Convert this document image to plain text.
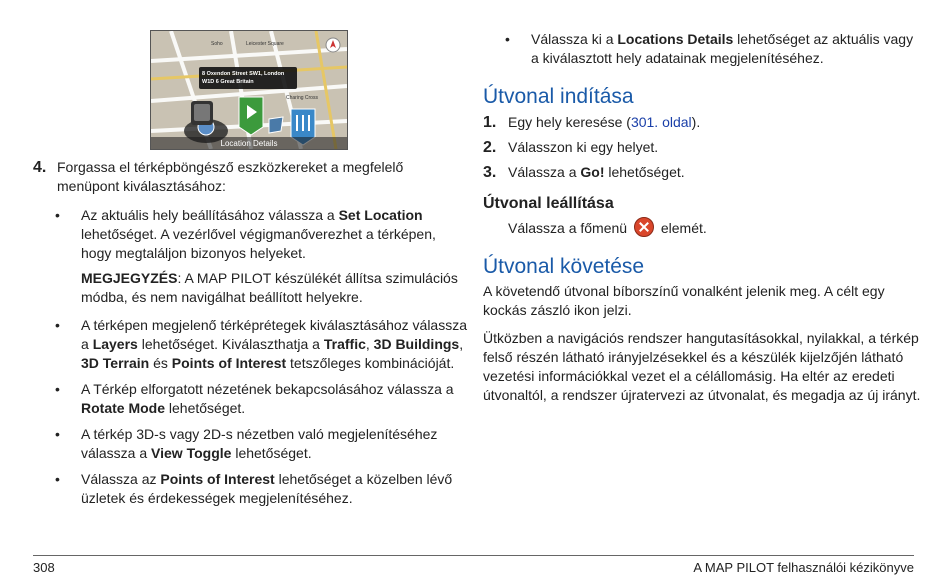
Soho	Leicester Square
8 Oxendon Street SW1, London
W1D 6 Great Britain
Charing Cross
Location Details
4. Forgassa el térképböngésző eszközkereket a megfelelő menüpont kiválasztásához:

• Az aktuális hely beállításához válassza a Set Location lehetőséget. A vezérlővel végigmanőverezhet a térképen, hogy megtaláljon bizonyos helyeket.

MEGJEGYZÉS: A MAP PILOT készülékét állítsa szimulációs módba, és nem navigálhat beállított helyekre.

• A térképen megjelenő térképrétegek kiválasztásához válassza a Layers lehetőséget. Kiválaszthatja a Traffic, 3D Buildings, 3D Terrain és Points of Interest tetszőleges kombinációját.

• A Térkép elforgatott nézetének bekapcsolásához válassza a Rotate Mode lehetőséget.

• A térkép 3D-s vagy 2D-s nézetben való megjelenítéséhez válassza a View Toggle lehetőséget.

• Válassza az Points of Interest lehetőséget a közelben lévő üzletek és érdekességek megjelenítéséhez.

• Válassza ki a Locations Details lehetőséget az aktuális vagy a kiválasztott hely adatainak megjelenítéséhez.

Útvonal indítása
1. Egy hely keresése (301. oldal).
2. Válasszon ki egy helyet.
3. Válassza a Go! lehetőséget.
Útvonal leállítása

Válassza a főmenü  elemét.

Útvonal követése

A követendő útvonal bíborszínű vonalként jelenik meg. A célt egy kockás zászló ikon jelzi.

Ütközben a navigációs rendszer hangutasításokkal, nyilakkal, a térkép felső részén látható irányjelzésekkel és a készülék kijelzőjén látható vezetési információkkal vezet el a célállomásig. Ha eltér az eredeti útvonaltól, a rendszer újratervezi az útvonalat, és megadja az új irányt.

308	A MAP PILOT felhasználói kézikönyve
